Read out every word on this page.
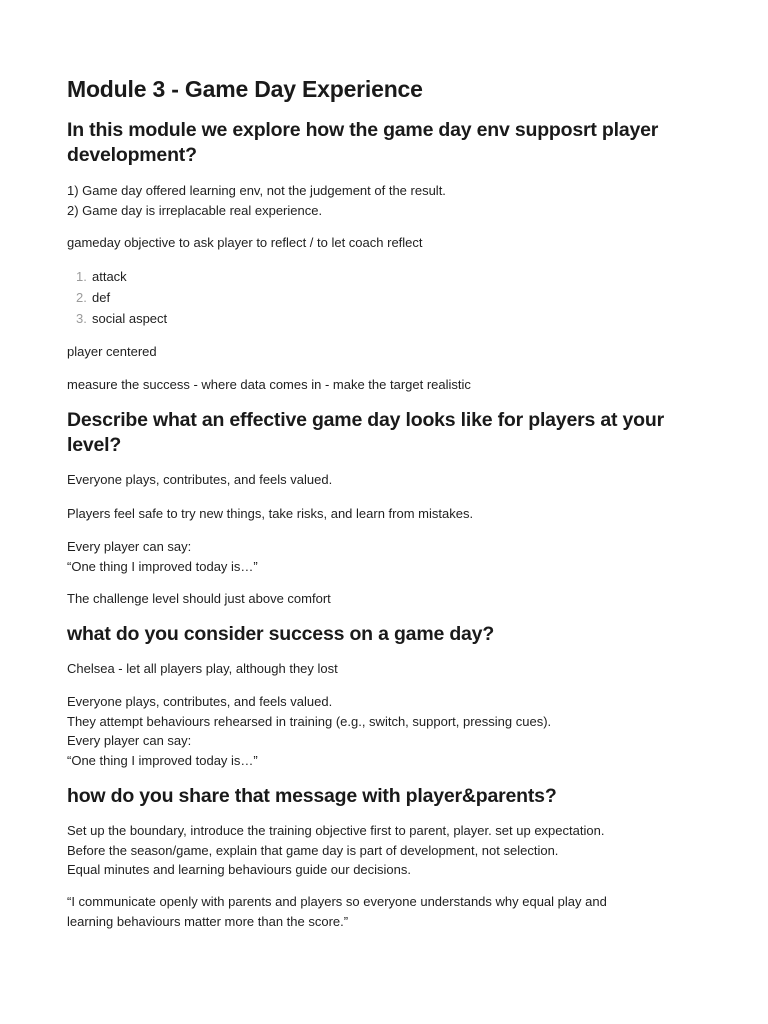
Module 3 - Game Day Experience
In this module we explore how the game day env supposrt player
development?
1) Game day offered learning env, not the judgement of the result.
2) Game day is irreplacable real experience.
gameday objective to ask player to reflect / to let coach reflect
1. attack
2. def
3. social aspect
player centered
measure the success - where data comes in - make the target realistic
Describe what an effective game day looks like for players at your
level?
Everyone plays, contributes, and feels valued.
Players feel safe to try new things, take risks, and learn from mistakes.
Every player can say:
“One thing I improved today is…”
The challenge level should just above comfort
what do you consider success on a game day?
Chelsea - let all players play, although they lost
Everyone plays, contributes, and feels valued.
They attempt behaviours rehearsed in training (e.g., switch, support, pressing cues).
Every player can say:
“One thing I improved today is…”
how do you share that message with player&parents?
Set up the boundary, introduce the training objective first to parent, player. set up expectation.
Before the season/game, explain that game day is part of development, not selection.
Equal minutes and learning behaviours guide our decisions.
“I communicate openly with parents and players so everyone understands why equal play and
learning behaviours matter more than the score.”
